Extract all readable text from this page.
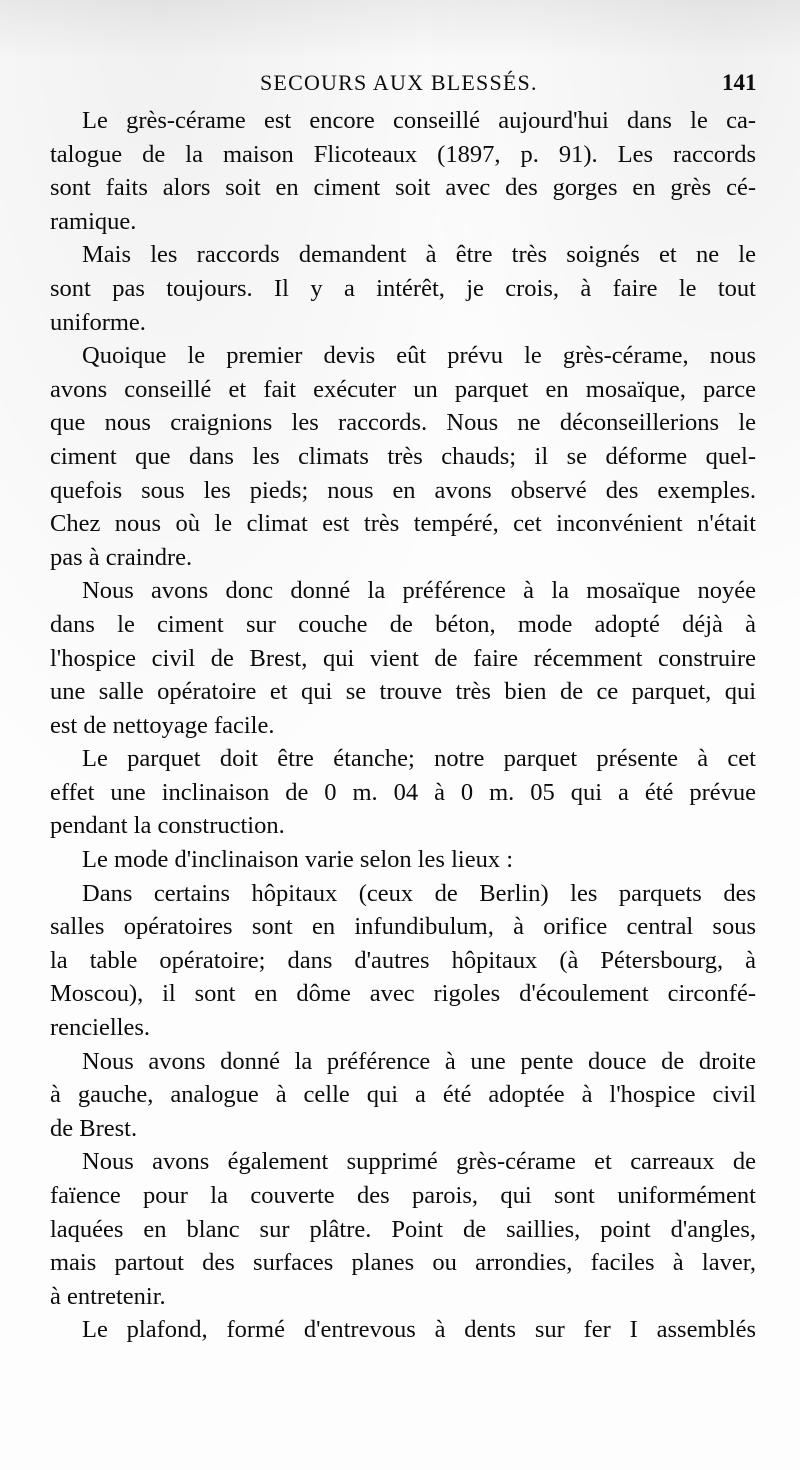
SECOURS AUX BLESSÉS.	141
Le grès-cérame est encore conseillé aujourd'hui dans le ca-
talogue de la maison Flicoteaux (1897, p. 91). Les raccords
sont faits alors soit en ciment soit avec des gorges en grès cé-
ramique.
Mais les raccords demandent à être très soignés et ne le
sont pas toujours. Il y a intérêt, je crois, à faire le tout
uniforme.
Quoique le premier devis eût prévu le grès-cérame, nous
avons conseillé et fait exécuter un parquet en mosaïque, parce
que nous craignions les raccords. Nous ne déconseillerions le
ciment que dans les climats très chauds; il se déforme quel-
quefois sous les pieds; nous en avons observé des exemples.
Chez nous où le climat est très tempéré, cet inconvénient n'était
pas à craindre.
Nous avons donc donné la préférence à la mosaïque noyée
dans le ciment sur couche de béton, mode adopté déjà à
l'hospice civil de Brest, qui vient de faire récemment construire
une salle opératoire et qui se trouve très bien de ce parquet, qui
est de nettoyage facile.
Le parquet doit être étanche; notre parquet présente à cet
effet une inclinaison de 0 m. 04 à 0 m. 05 qui a été prévue
pendant la construction.
Le mode d'inclinaison varie selon les lieux :
Dans certains hôpitaux (ceux de Berlin) les parquets des
salles opératoires sont en infundibulum, à orifice central sous
la table opératoire; dans d'autres hôpitaux (à Pétersbourg, à
Moscou), il sont en dôme avec rigoles d'écoulement circonfé-
rencielles.
Nous avons donné la préférence à une pente douce de droite
à gauche, analogue à celle qui a été adoptée à l'hospice civil
de Brest.
Nous avons également supprimé grès-cérame et carreaux de
faïence pour la couverte des parois, qui sont uniformément
laquées en blanc sur plâtre. Point de saillies, point d'angles,
mais partout des surfaces planes ou arrondies, faciles à laver,
à entretenir.
Le plafond, formé d'entrevous à dents sur fer I assemblés
